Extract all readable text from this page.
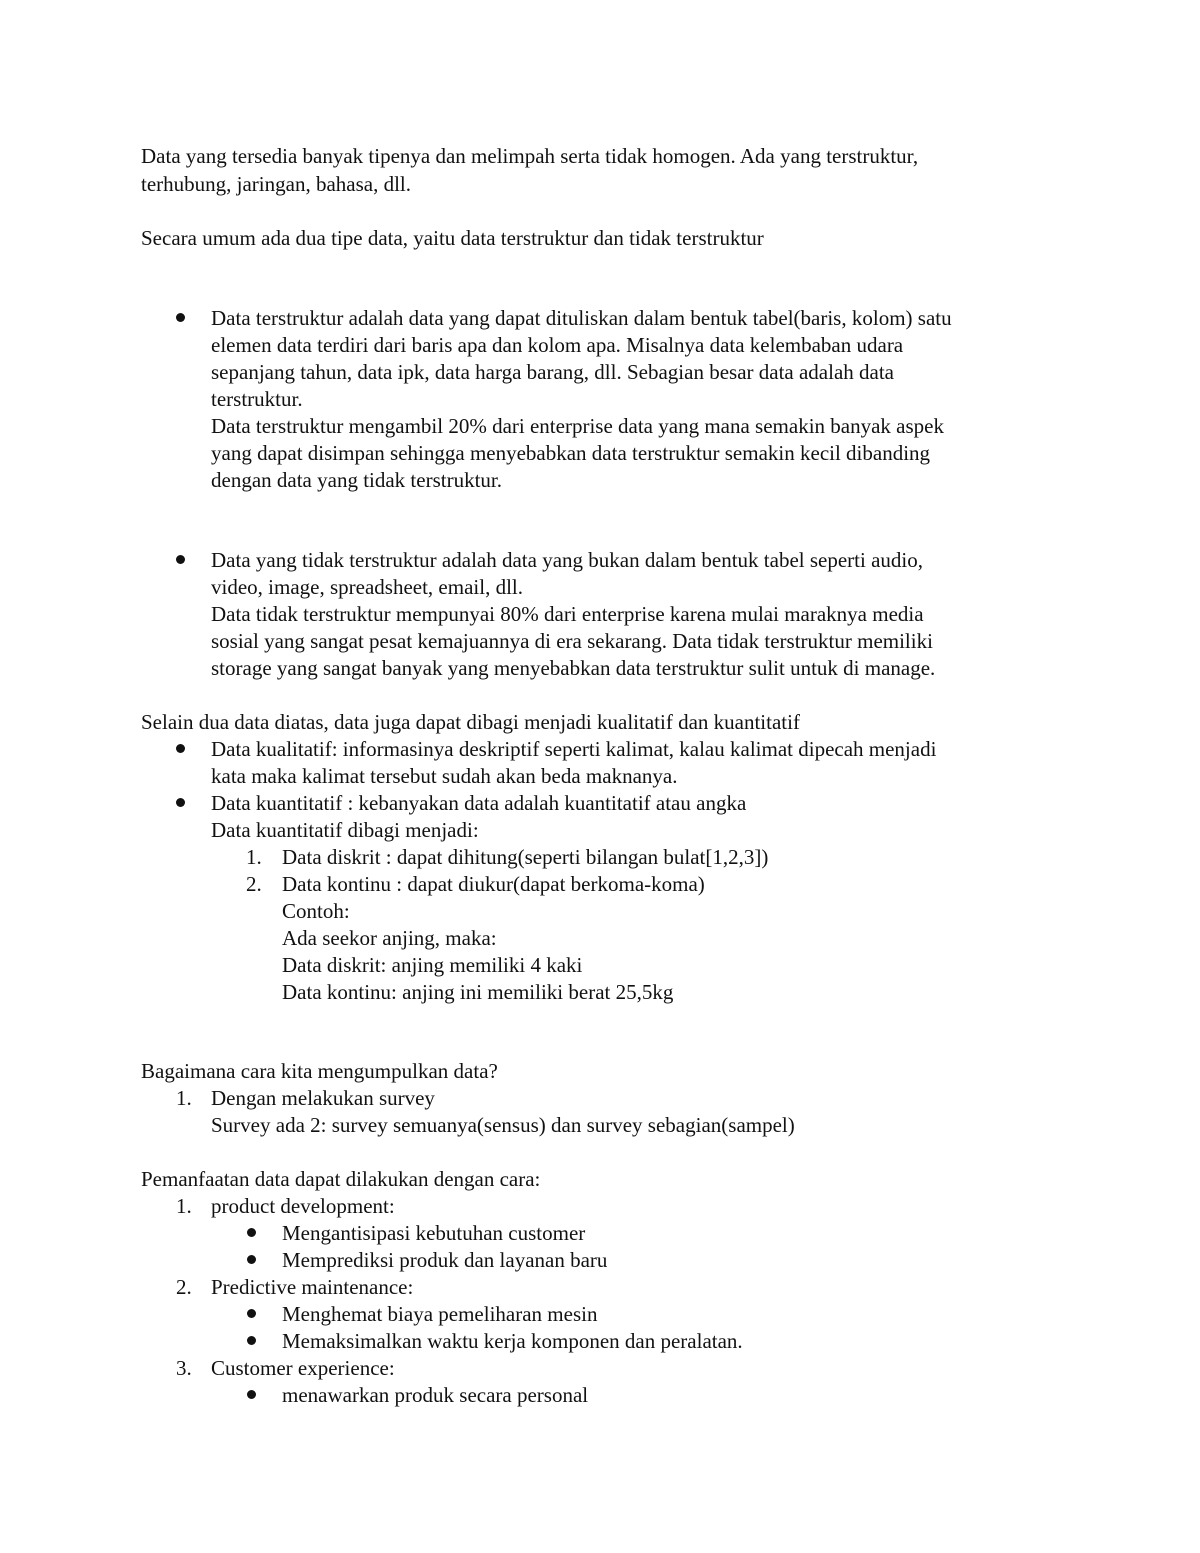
Data yang tersedia banyak tipenya dan melimpah serta tidak homogen. Ada yang terstruktur,
terhubung, jaringan, bahasa, dll.
Secara umum ada dua tipe data, yaitu data terstruktur dan tidak terstruktur
Data terstruktur adalah data yang dapat dituliskan dalam bentuk tabel(baris, kolom) satu
elemen data terdiri dari baris apa dan kolom apa. Misalnya data kelembaban udara
sepanjang tahun, data ipk, data harga barang, dll. Sebagian besar data adalah data
terstruktur.
Data terstruktur mengambil 20% dari enterprise data yang mana semakin banyak aspek
yang dapat disimpan sehingga menyebabkan data terstruktur semakin kecil dibanding
dengan data yang tidak terstruktur.
Data yang tidak terstruktur adalah data yang bukan dalam bentuk tabel seperti audio,
video, image, spreadsheet, email, dll.
Data tidak terstruktur mempunyai 80% dari enterprise karena mulai maraknya media
sosial yang sangat pesat kemajuannya di era sekarang. Data tidak terstruktur memiliki
storage yang sangat banyak yang menyebabkan data terstruktur sulit untuk di manage.
Selain dua data diatas, data juga dapat dibagi menjadi kualitatif dan kuantitatif
Data kualitatif: informasinya deskriptif seperti kalimat, kalau kalimat dipecah menjadi
kata maka kalimat tersebut sudah akan beda maknanya.
Data kuantitatif : kebanyakan data adalah kuantitatif atau angka
Data kuantitatif dibagi menjadi:
1. Data diskrit : dapat dihitung(seperti bilangan bulat[1,2,3])
2. Data kontinu : dapat diukur(dapat berkoma-koma)
Contoh:
Ada seekor anjing, maka:
Data diskrit: anjing memiliki 4 kaki
Data kontinu: anjing ini memiliki berat 25,5kg
Bagaimana cara kita mengumpulkan data?
1. Dengan melakukan survey
Survey ada 2: survey semuanya(sensus) dan survey sebagian(sampel)
Pemanfaatan data dapat dilakukan dengan cara:
1. product development:
Mengantisipasi kebutuhan customer
Memprediksi produk dan layanan baru
2. Predictive maintenance:
Menghemat biaya pemeliharan mesin
Memaksimalkan waktu kerja komponen dan peralatan.
3. Customer experience:
menawarkan produk secara personal
